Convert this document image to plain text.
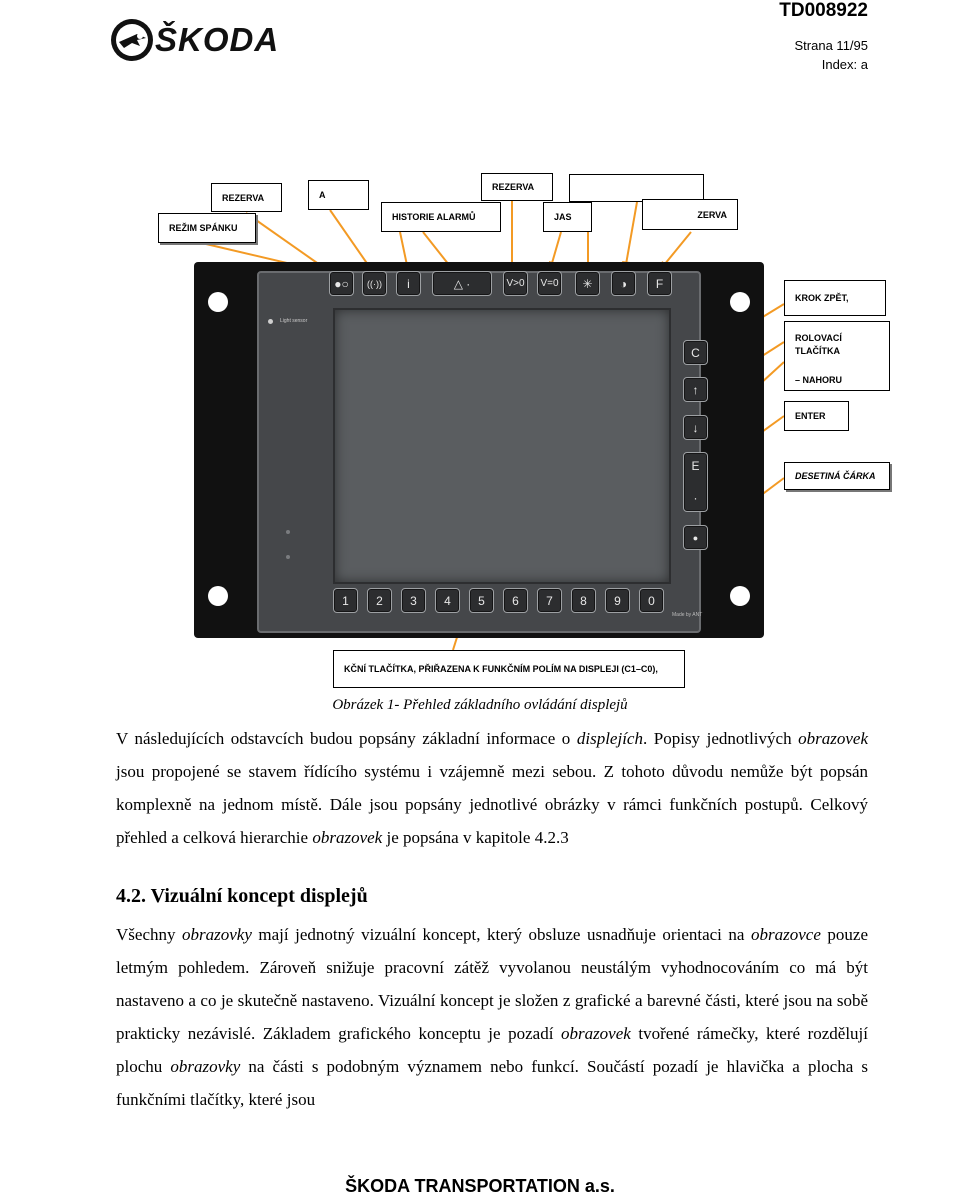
TD008922
Strana 11/95
Index: a
ŠKODA
REZERVA	A
REZERVA
REŽIM SPÁNKU
HISTORIE ALARMŮ	JAS	ZERVA
KROK ZPĚT,
ROLOVACÍ
TLAČÍTKA
– NAHORU
ENTER
DESETINÁ ČÁRKA
KČNÍ TLAČÍTKA, PŘIŘAZENA K FUNKČNÍM POLÍM NA DISPLEJI (C1–C0),
Light sensor
●○	((·))	i	△ ·	V>0	V=0	✳	◑	F
C
↑
↓
E
·
●
1	2	3	4	5	6	7	8	9	0
Made by ANT
Obrázek 1- Přehled základního ovládání displejů
V následujících odstavcích budou popsány základní informace o displejích. Popisy jednotlivých obrazovek jsou propojené se stavem řídícího systému i vzájemně mezi sebou. Z tohoto důvodu nemůže být popsán komplexně na jednom místě. Dále jsou popsány jednotlivé obrázky v rámci funkčních postupů. Celkový přehled a celková hierarchie obrazovek je popsána v kapitole 4.2.3
4.2. Vizuální koncept displejů
Všechny obrazovky mají jednotný vizuální koncept, který obsluze usnadňuje orientaci na obrazovce pouze letmým pohledem. Zároveň snižuje pracovní zátěž vyvolanou neustálým vyhodnocováním co má být nastaveno a co je skutečně nastaveno. Vizuální koncept je složen z grafické a barevné části, které jsou na sobě prakticky nezávislé. Základem grafického konceptu je pozadí obrazovek tvořené rámečky, které rozdělují plochu obrazovky na části s podobným významem nebo funkcí. Součástí pozadí je hlavička a plocha s funkčními tlačítky, které jsou
ŠKODA TRANSPORTATION a.s.
